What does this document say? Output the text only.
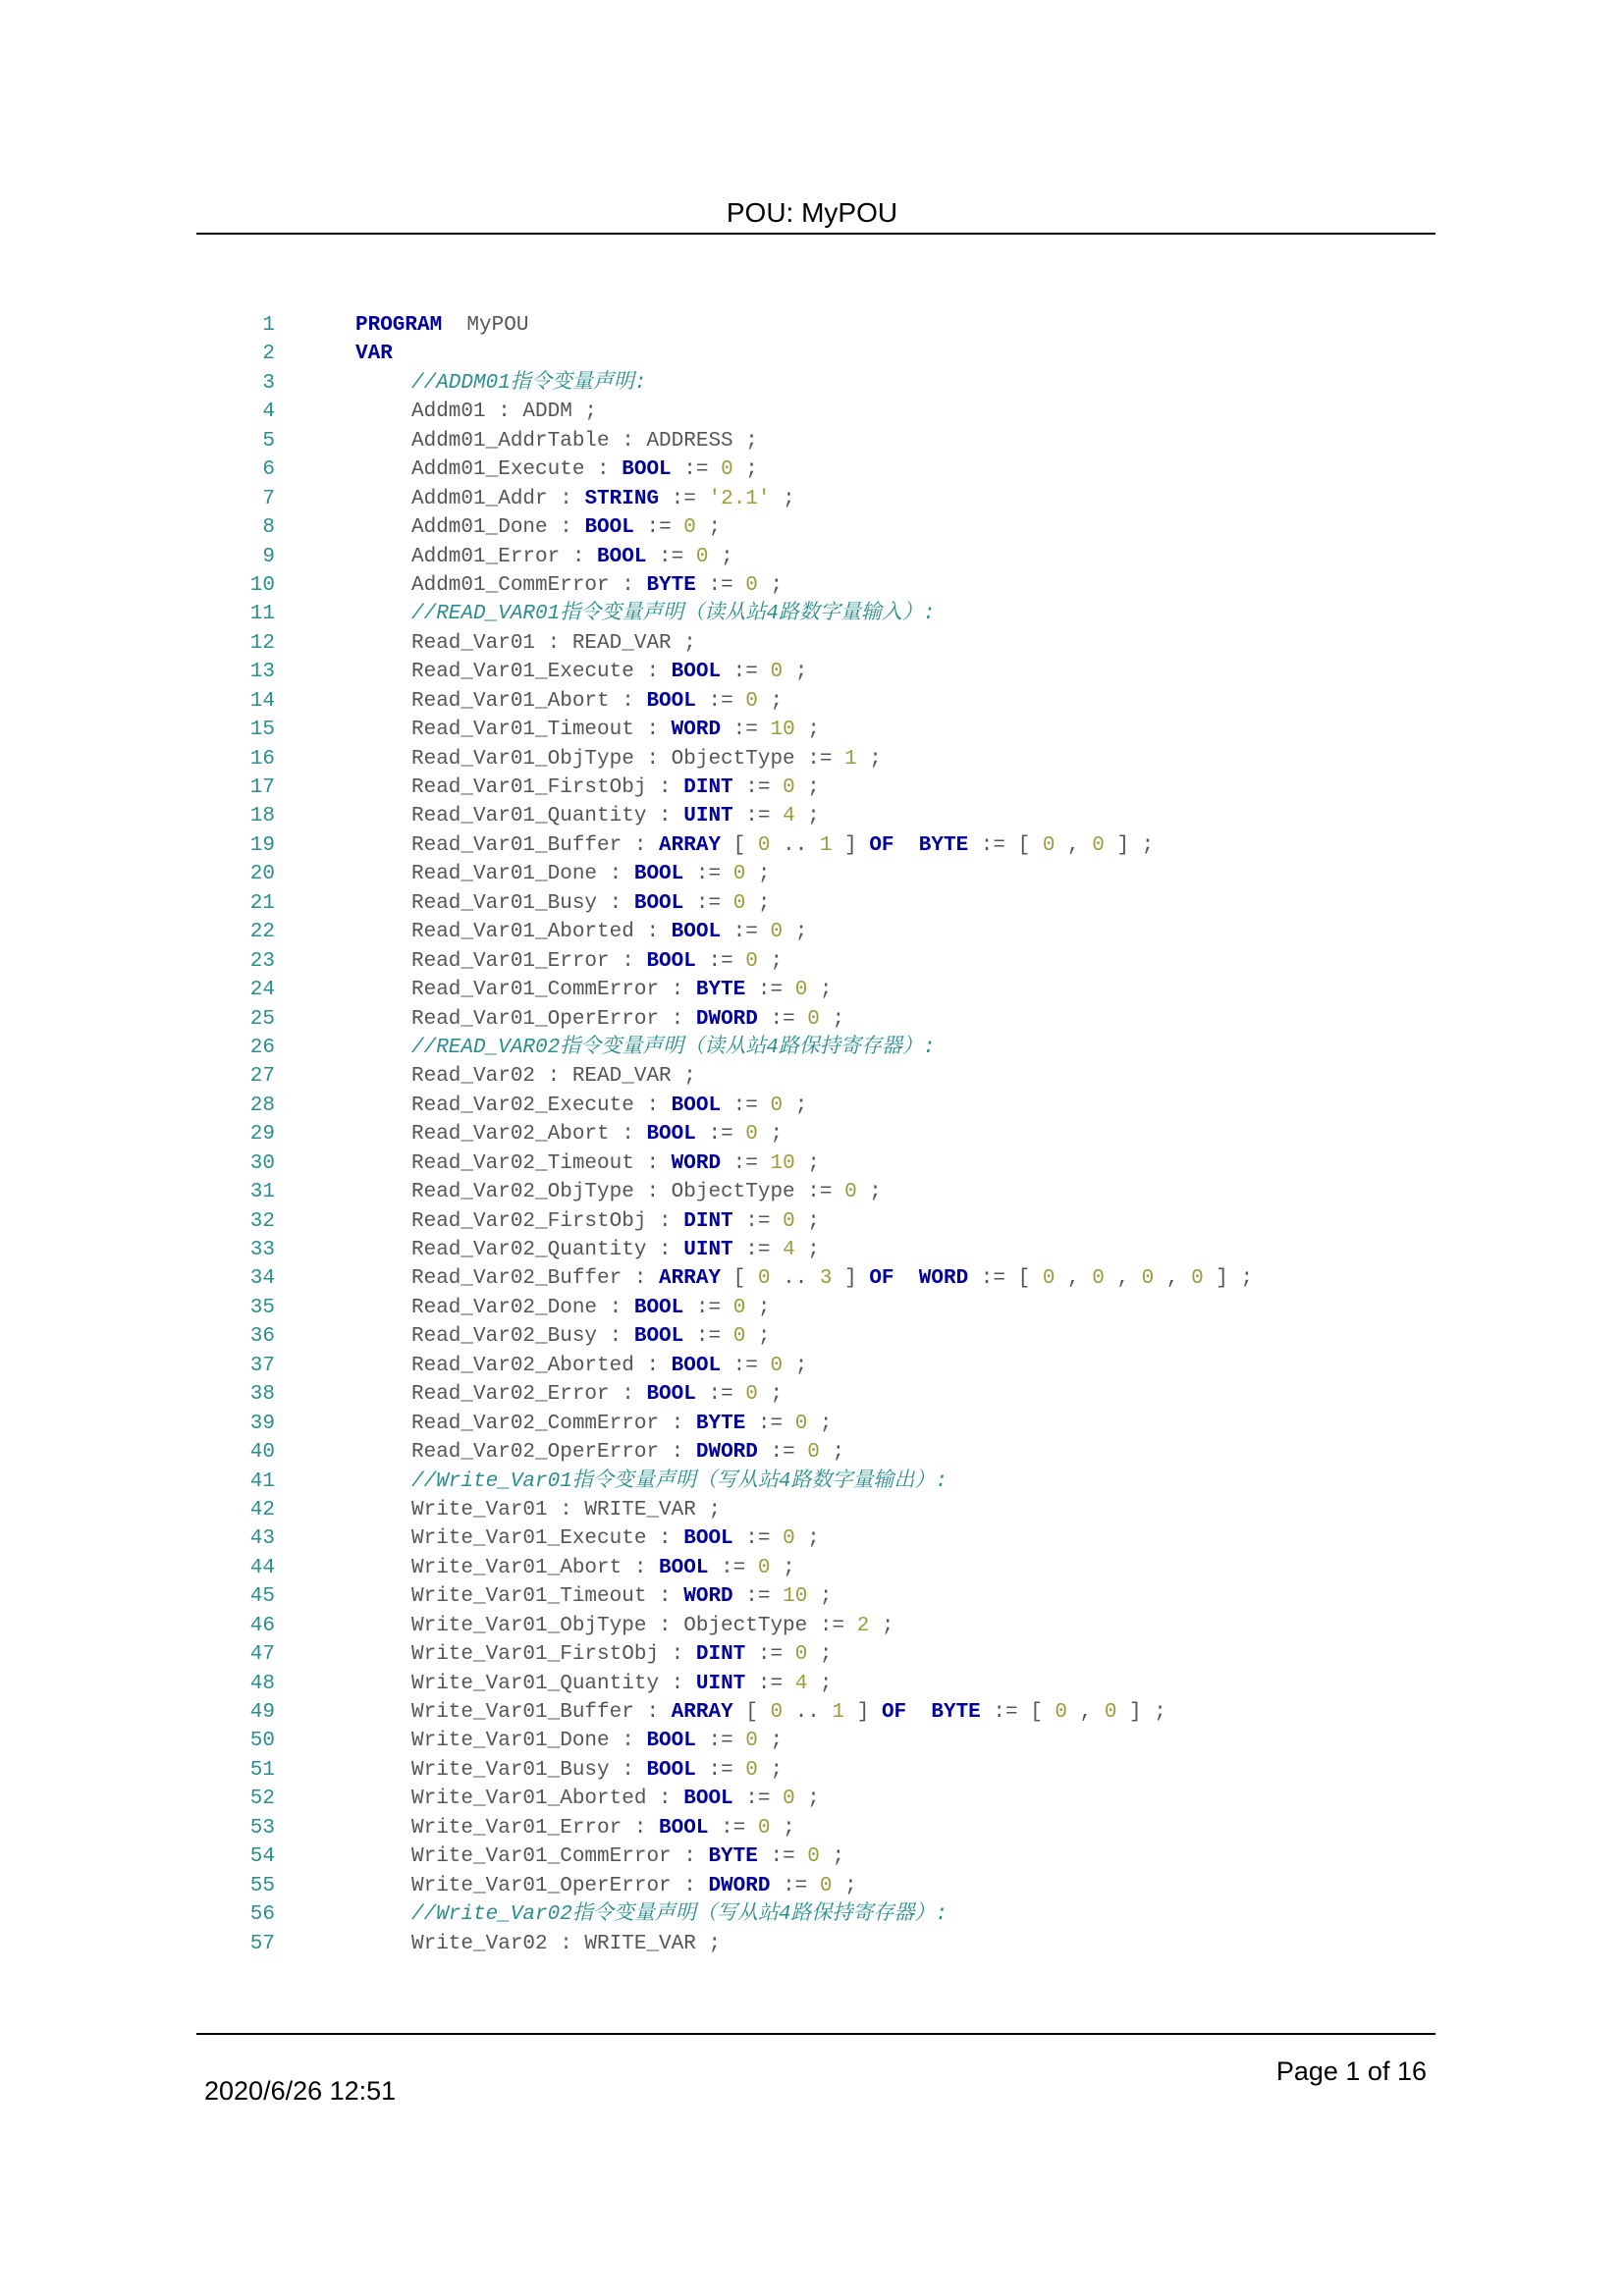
POU: MyPOU
1	PROGRAM  MyPOU
2	VAR
3	//ADDM01指令变量声明:
4	Addm01 : ADDM ;
5	Addm01_AddrTable : ADDRESS ;
6	Addm01_Execute : BOOL := 0 ;
7	Addm01_Addr : STRING := '2.1' ;
8	Addm01_Done : BOOL := 0 ;
9	Addm01_Error : BOOL := 0 ;
10	Addm01_CommError : BYTE := 0 ;
11	//READ_VAR01指令变量声明（读从站4路数字量输入）:
12	Read_Var01 : READ_VAR ;
13	Read_Var01_Execute : BOOL := 0 ;
14	Read_Var01_Abort : BOOL := 0 ;
15	Read_Var01_Timeout : WORD := 10 ;
16	Read_Var01_ObjType : ObjectType := 1 ;
17	Read_Var01_FirstObj : DINT := 0 ;
18	Read_Var01_Quantity : UINT := 4 ;
19	Read_Var01_Buffer : ARRAY [ 0 .. 1 ] OF BYTE := [ 0 , 0 ] ;
20	Read_Var01_Done : BOOL := 0 ;
21	Read_Var01_Busy : BOOL := 0 ;
22	Read_Var01_Aborted : BOOL := 0 ;
23	Read_Var01_Error : BOOL := 0 ;
24	Read_Var01_CommError : BYTE := 0 ;
25	Read_Var01_OperError : DWORD := 0 ;
26	//READ_VAR02指令变量声明（读从站4路保持寄存器）:
27	Read_Var02 : READ_VAR ;
28	Read_Var02_Execute : BOOL := 0 ;
29	Read_Var02_Abort : BOOL := 0 ;
30	Read_Var02_Timeout : WORD := 10 ;
31	Read_Var02_ObjType : ObjectType := 0 ;
32	Read_Var02_FirstObj : DINT := 0 ;
33	Read_Var02_Quantity : UINT := 4 ;
34	Read_Var02_Buffer : ARRAY [ 0 .. 3 ] OF WORD := [ 0 , 0 , 0 , 0 ] ;
35	Read_Var02_Done : BOOL := 0 ;
36	Read_Var02_Busy : BOOL := 0 ;
37	Read_Var02_Aborted : BOOL := 0 ;
38	Read_Var02_Error : BOOL := 0 ;
39	Read_Var02_CommError : BYTE := 0 ;
40	Read_Var02_OperError : DWORD := 0 ;
41	//Write_Var01指令变量声明（写从站4路数字量输出）:
42	Write_Var01 : WRITE_VAR ;
43	Write_Var01_Execute : BOOL := 0 ;
44	Write_Var01_Abort : BOOL := 0 ;
45	Write_Var01_Timeout : WORD := 10 ;
46	Write_Var01_ObjType : ObjectType := 2 ;
47	Write_Var01_FirstObj : DINT := 0 ;
48	Write_Var01_Quantity : UINT := 4 ;
49	Write_Var01_Buffer : ARRAY [ 0 .. 1 ] OF BYTE := [ 0 , 0 ] ;
50	Write_Var01_Done : BOOL := 0 ;
51	Write_Var01_Busy : BOOL := 0 ;
52	Write_Var01_Aborted : BOOL := 0 ;
53	Write_Var01_Error : BOOL := 0 ;
54	Write_Var01_CommError : BYTE := 0 ;
55	Write_Var01_OperError : DWORD := 0 ;
56	//Write_Var02指令变量声明（写从站4路保持寄存器）:
57	Write_Var02 : WRITE_VAR ;
2020/6/26 12:51
Page 1 of 16
